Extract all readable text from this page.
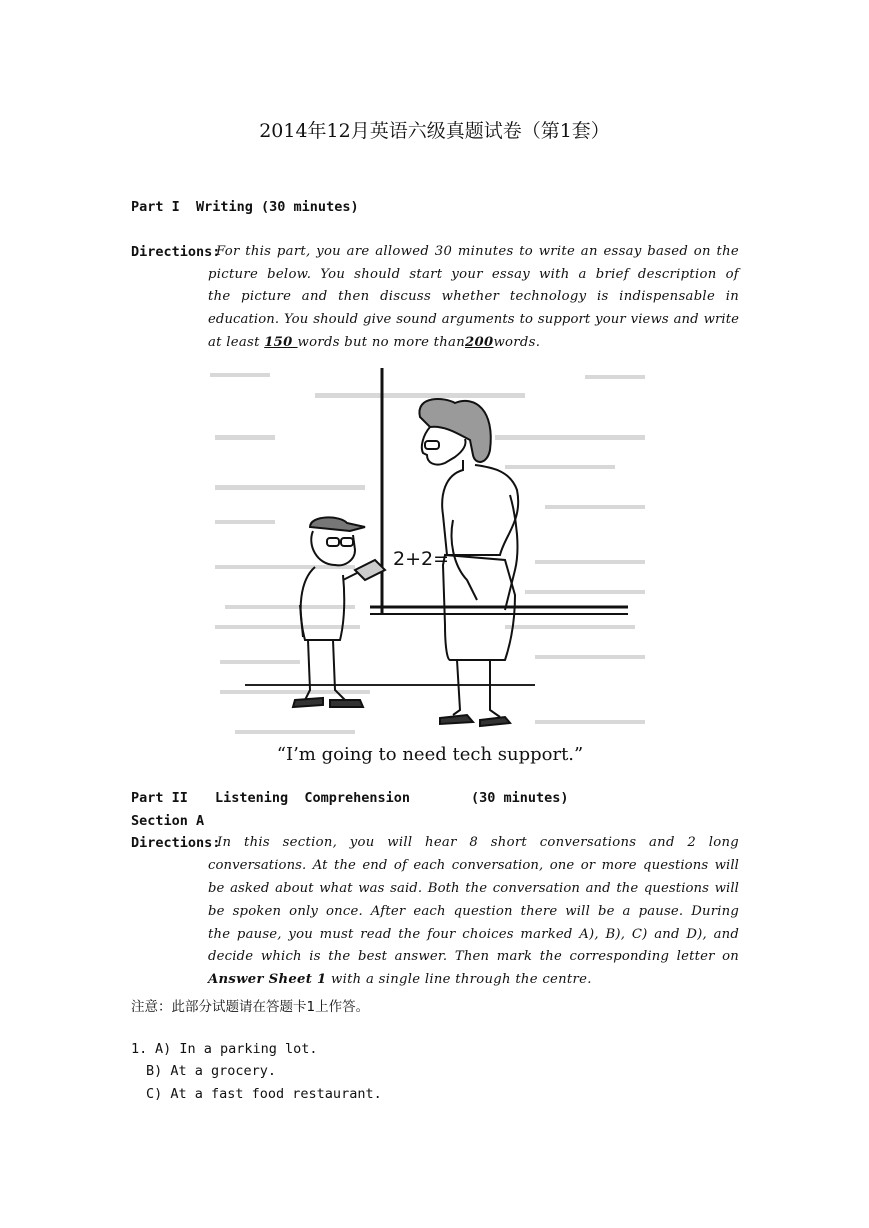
2014年12月英语六级真题试卷（第1套）
Part I  Writing (30 minutes)
Directions:
For this part, you are allowed 30 minutes to write an essay based on the
picture below. You should start your essay with a brief description of
the picture and then discuss whether technology is indispensable in
education. You should give sound arguments to support your views and write
at least 150 words but no more than200words.
2+2=
“I’m going to need tech support.”
Part II Listening  Comprehension	(30 minutes)
Section A
Directions:
In this section, you will hear 8 short conversations and 2 long
conversations. At the end of each conversation, one or more questions will
be asked about what was said. Both the conversation and the questions will
be spoken only once. After each question there will be a pause. During
the pause, you must read the four choices marked A), B), C) and D), and
decide which is the best answer. Then mark the corresponding letter on
Answer Sheet 1 with a single line through the centre.
注意：此部分试题请在答题卡1上作答。
1. A) In a parking lot.
B) At a grocery.
C) At a fast food restaurant.
